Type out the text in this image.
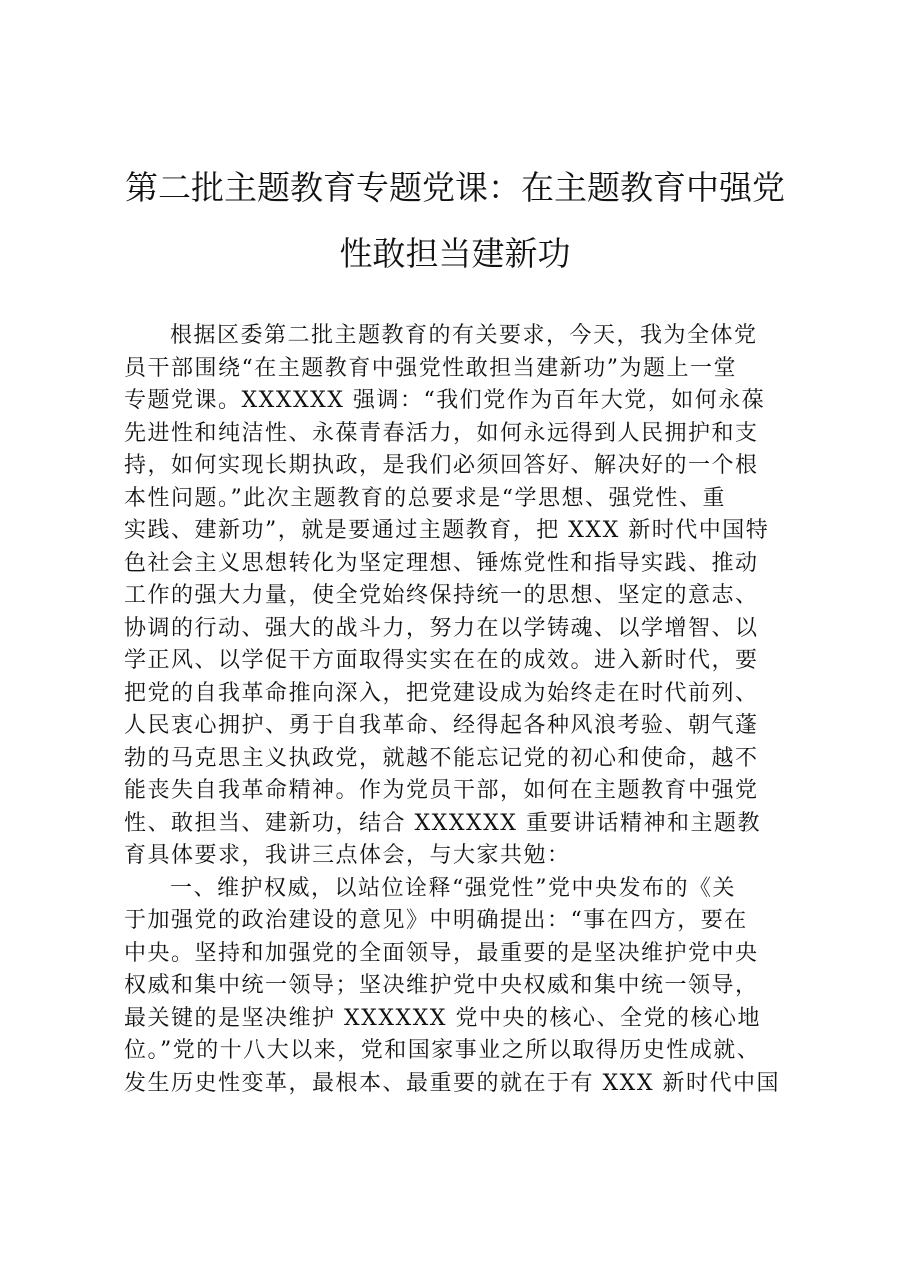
第二批主题教育专题党课：在主题教育中强党
性敢担当建新功
根据区委第二批主题教育的有关要求，今天，我为全体党
员干部围绕“在主题教育中强党性敢担当建新功”为题上一堂
专题党课。XXXXXX 强调：“我们党作为百年大党，如何永葆
先进性和纯洁性、永葆青春活力，如何永远得到人民拥护和支
持，如何实现长期执政，是我们必须回答好、解决好的一个根
本性问题。”此次主题教育的总要求是“学思想、强党性、重
实践、建新功”，就是要通过主题教育，把 XXX 新时代中国特
色社会主义思想转化为坚定理想、锤炼党性和指导实践、推动
工作的强大力量，使全党始终保持统一的思想、坚定的意志、
协调的行动、强大的战斗力，努力在以学铸魂、以学增智、以
学正风、以学促干方面取得实实在在的成效。进入新时代，要
把党的自我革命推向深入，把党建设成为始终走在时代前列、
人民衷心拥护、勇于自我革命、经得起各种风浪考验、朝气蓬
勃的马克思主义执政党，就越不能忘记党的初心和使命，越不
能丧失自我革命精神。作为党员干部，如何在主题教育中强党
性、敢担当、建新功，结合 XXXXXX 重要讲话精神和主题教
育具体要求，我讲三点体会，与大家共勉：
一、维护权威，以站位诠释“强党性”党中央发布的《关
于加强党的政治建设的意见》中明确提出：“事在四方，要在
中央。坚持和加强党的全面领导，最重要的是坚决维护党中央
权威和集中统一领导；坚决维护党中央权威和集中统一领导，
最关键的是坚决维护 XXXXXX 党中央的核心、全党的核心地
位。”党的十八大以来，党和国家事业之所以取得历史性成就、
发生历史性变革，最根本、最重要的就在于有 XXX 新时代中国
